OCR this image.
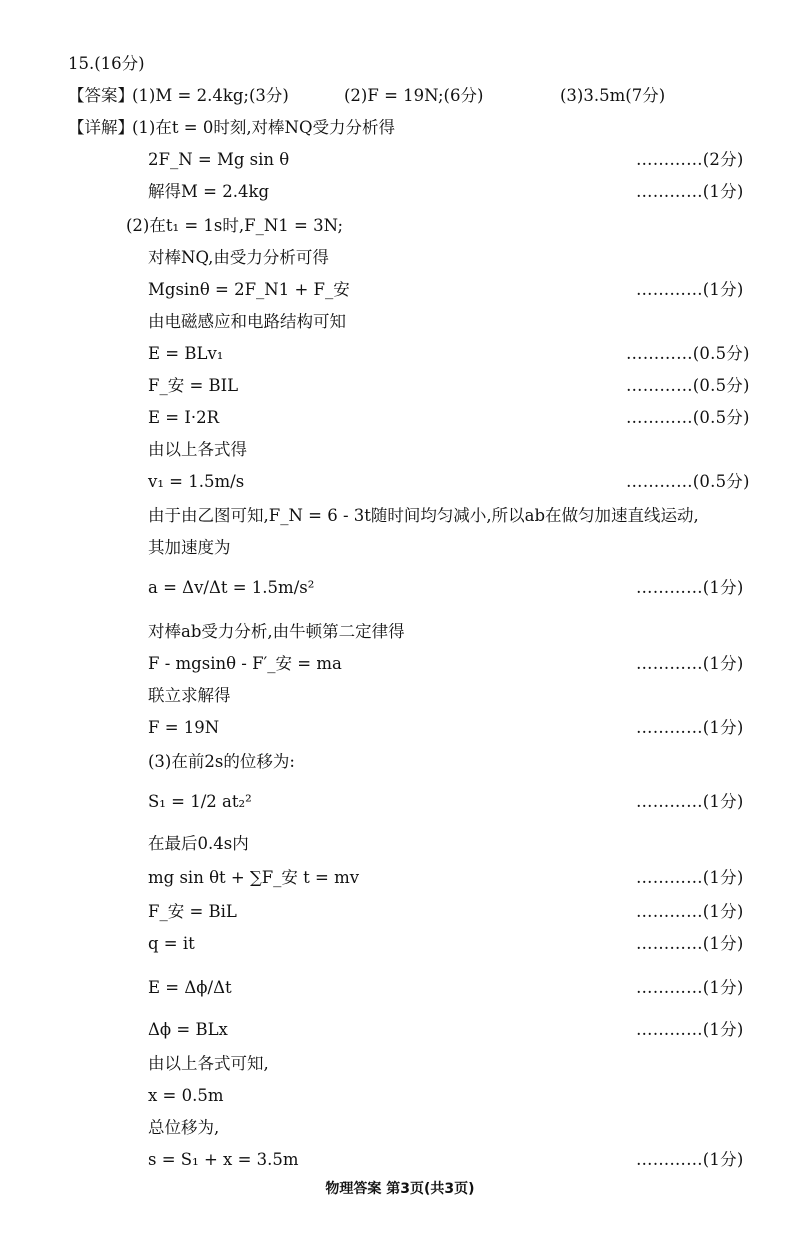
15.(16分)
【答案】
(1)M = 2.4kg;(3分)	(2)F = 19N;(6分)	(3)3.5m(7分)
【详解】
(1)在t = 0时刻,对棒NQ受力分析得
2F_N = Mg sin θ	…………(2分)
解得M = 2.4kg	…………(1分)
(2)在t₁ = 1s时,F_N1 = 3N;
对棒NQ,由受力分析可得
Mgsinθ = 2F_N1 + F_安	…………(1分)
由电磁感应和电路结构可知
E = BLv₁	…………(0.5分)
F_安 = BIL	…………(0.5分)
E = I·2R	…………(0.5分)
由以上各式得
v₁ = 1.5m/s	…………(0.5分)
由于由乙图可知,F_N = 6 - 3t随时间均匀减小,所以ab在做匀加速直线运动,
其加速度为
a = Δv/Δt = 1.5m/s²	…………(1分)
对棒ab受力分析,由牛顿第二定律得
F - mgsinθ - F′_安 = ma	…………(1分)
联立求解得
F = 19N	…………(1分)
(3)在前2s的位移为:
S₁ = 1/2 at₂²	…………(1分)
在最后0.4s内
mg sin θt + ∑F_安 t = mv	…………(1分)
F_安 = BiL	…………(1分)
q = it	…………(1分)
E = Δϕ/Δt	…………(1分)
Δϕ = BLx	…………(1分)
由以上各式可知,
x = 0.5m
总位移为,
s = S₁ + x = 3.5m	…………(1分)
物理答案 第3页(共3页)
